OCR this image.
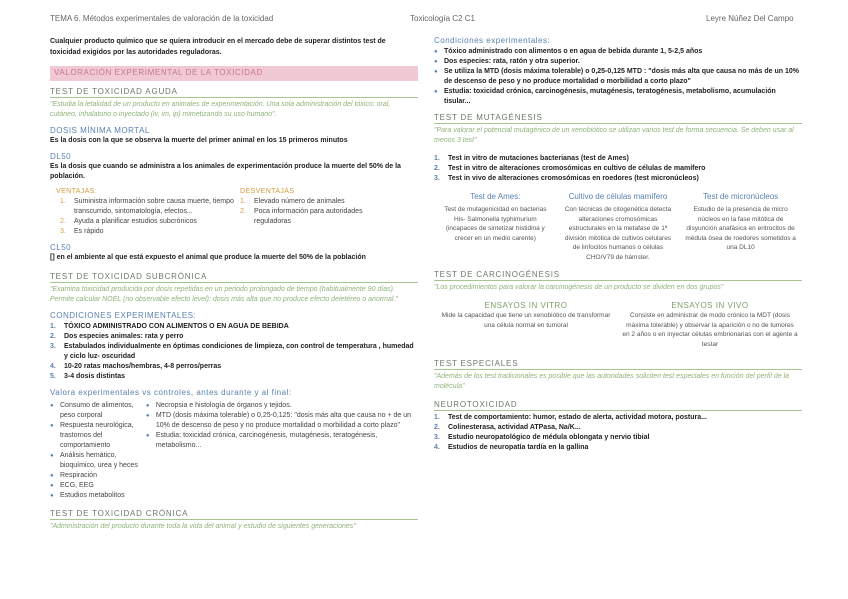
TEMA 6. Métodos experimentales de valoración de la toxicidad	Toxicología C2 C1	Leyre Núñez Del Campo

Cualquier producto químico que se quiera introducir en el mercado debe de superar distintos test de toxicidad exigidos por las autoridades reguladoras.

VALORACIÓN EXPERIMENTAL DE LA TOXICIDAD
TEST DE TOXICIDAD AGUDA
"Estudia la letalidad de un producto en animales de experimentación. Una sola administración del tóxico: oral, cutáneo, inhalatorio o inyectado (iv, im, ip) mimetizando su uso humano".
DOSIS MÍNIMA MORTAL
Es la dosis con la que se observa la muerte del primer animal en los 15 primeros minutos
DL50
Es la dosis que cuando se administra a los animales de experimentación produce la muerte del 50% de la población.
VENTAJAS:
1.	Suministra información sobre causa muerte, tiempo transcurrido, sintomatología, efectos...
2.	Ayuda a planificar estudios subcrónicos
3.	Es rápido
DESVENTAJAS
1.	Elevado número de animales
2.	Poca información para autoridades reguladoras
CL50
[] en el ambiente al que está expuesto el animal que produce la muerte del 50% de la población
TEST DE TOXICIDAD SUBCRÓNICA
"Examina toxicidad producida por dosis repetidas en un periodo prolongado de tiempo (habitualmente 90 días). Permite calcular NOEL (no observable efecto level): dosis más alta que no produce efecto deletéreo o anormal."
CONDICIONES EXPERIMENTALES:
1.	TÓXICO ADMINISTRADO CON ALIMENTOS O EN AGUA DE BEBIDA
2.	Dos especies animales: rata y perro
3.	Estabulados individualmente en óptimas condiciones de limpieza, con control de temperatura , humedad y ciclo luz- oscuridad
4.	10-20 ratas machos/hembras, 4-8 perros/perras
5.	3-4 dosis distintas
Valora experimentales vs controles, antes durante y al final:
● Consumo de alimentos, peso corporal
● Respuesta neurológica, trastornos del comportamiento
● Análisis hemático, bioquímico, urea y heces
● Respiración
● ECG, EEG
● Estudios metabolitos
● Necropsia e histología de órganos y tejidos.
● MTD (dosis máxima tolerable) o 0,25-0,125: "dosis más alta que causa no + de un 10% de descenso de peso y no produce mortalidad o morbilidad a corto plazo"
● Estudia: toxicidad crónica, carcinogénesis, mutagénesis, teratogénesis, metabolismo...
TEST DE TOXICIDAD CRÓNICA
"Administración del producto durante toda la vida del animal y estudio de siguientes generaciones"
Condiciones experimentales:
● Tóxico administrado con alimentos o en agua de bebida durante 1, 5-2,5 años
● Dos especies: rata, ratón y otra superior.
● Se utiliza la MTD (dosis máxima tolerable) o 0,25-0,125 MTD : "dosis más alta que causa no más de un 10% de descenso de peso y no produce mortalidad o morbilidad a corto plazo"
● Estudia: toxicidad crónica, carcinogénesis, mutagénesis, teratogénesis, metabolismo, acumulación tisular...
TEST DE MUTAGÉNESIS
"Para valorar el potencial mutagénico de un xenobiótico se utilizan varios test de forma secuencia. Se deben usar al menos 3 test"
1.	Test in vitro de mutaciones bacterianas (test de Ames)
2.	Test in vitro de alteraciones cromosómicas en cultivo de células de mamífero
3.	Test in vivo de alteraciones cromosómicas en roedores (test micronúcleos)
Test de Ames:
Test de mutagenicidad en bacterias His- Salmonella typhimurium (incapaces de sintetizar histidina y crecer en un medio carente)
Cultivo de células mamífero
Con técnicas de citogenética detecta alteraciones cromosómicas estructurales en la metafase de 1ª división mitótica de cultivos celulares de linfocitos humanos o células CHO/V79 de hámster.
Test de micronúcleos
Estudio de la presencia de micro núcleos en la fase mitótica de disyunción anafásica en eritrocitos de médula ósea de roedores sometidos a una DL10
TEST DE CARCINOGÉNESIS
"Los procedimientos para valorar la carcinogénesis de un producto se dividen en dos grupos"
ENSAYOS IN VITRO
Mide la capacidad que tiene un xenobiótico de transformar una célula normal en tumoral
ENSAYOS IN VIVO
Consiste en administrar de modo crónico la MDT (dosis máxima tolerable) y observar la aparición o no de tumores en 2 años o en inyectar células embrionarias con el agente a testar
TEST ESPECIALES
"Además de los test tradicionales es posible que las autoridades soliciten test especiales en función del perfil de la molécula"
NEUROTOXICIDAD
1.	Test de comportamiento: humor, estado de alerta, actividad motora, postura...
2.	Colinesterasa, actividad ATPasa, Na/K...
3.	Estudio neuropatológico de médula oblongata y nervio tibial
4.	Estudios de neuropatía tardía en la gallina
